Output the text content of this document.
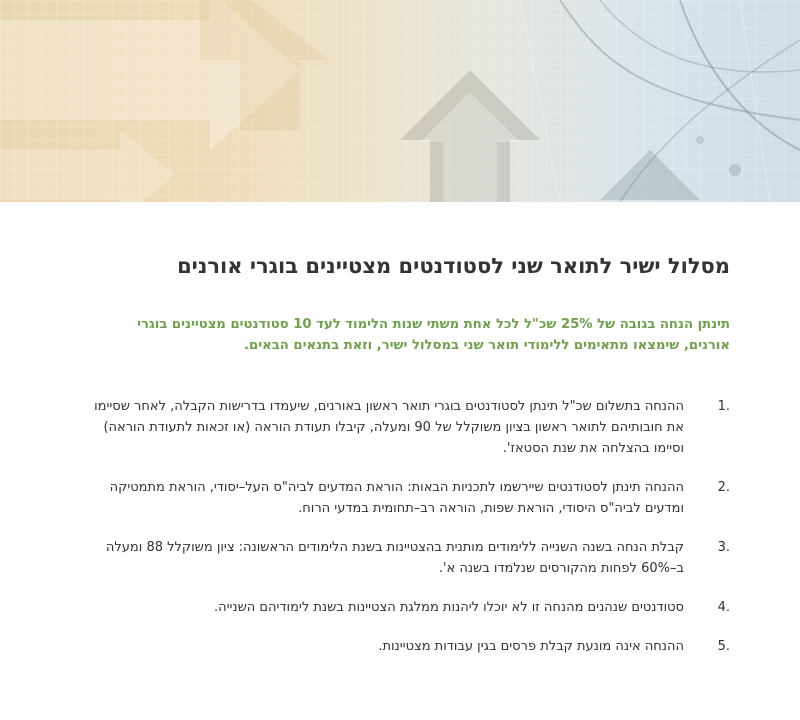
מסלול ישיר לתואר שני לסטודנטים מצטיינים בוגרי אורנים

תינתן הנחה בגובה של 25% שכ"ל לכל אחת משתי שנות הלימוד לעד 10 סטודנטים מצטיינים בוגרי אורנים, שימצאו מתאימים ללימודי תואר שני במסלול ישיר, וזאת בתנאים הבאים.

.1
ההנחה בתשלום שכ"ל תינתן לסטודנטים בוגרי תואר ראשון באורנים, שיעמדו בדרישות הקבלה, לאחר שסיימו את חובותיהם לתואר ראשון בציון משוקלל של 90 ומעלה, קיבלו תעודת הוראה (או זכאות לתעודת הוראה) וסיימו בהצלחה את שנת הסטאז'.
.2
ההנחה תינתן לסטודנטים שיירשמו לתכניות הבאות: הוראת המדעים לביה"ס העל–יסודי, הוראת מתמטיקה ומדעים לביה"ס היסודי, הוראת שפות, הוראה רב–תחומית במדעי הרוח.
.3
קבלת הנחה בשנה השנייה ללימודים מותנית בהצטיינות בשנת הלימודים הראשונה: ציון משוקלל 88 ומעלה ב–60% לפחות מהקורסים שנלמדו בשנה א'.
.4
סטודנטים שנהנים מהנחה זו לא יוכלו ליהנות ממלגת הצטיינות בשנת לימודיהם השנייה.
.5
ההנחה אינה מונעת קבלת פרסים בגין עבודות מצטיינות.
